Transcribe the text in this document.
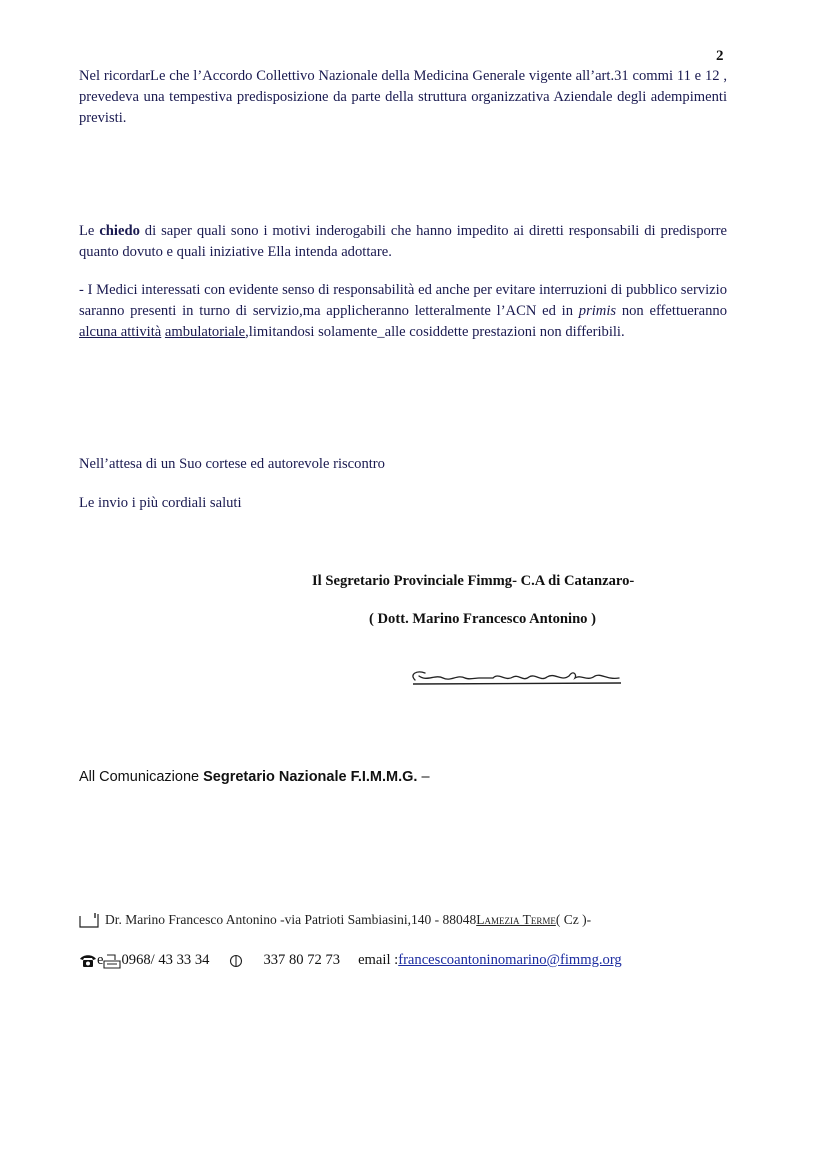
2

Nel ricordarLe che l’Accordo Collettivo Nazionale della Medicina Generale vigente all’art.31 commi 11 e 12 , prevedeva una tempestiva predisposizione da parte della struttura organizzativa Aziendale degli adempimenti previsti.

Le chiedo di saper quali sono i motivi inderogabili che hanno impedito ai diretti responsabili di predisporre quanto dovuto e quali iniziative Ella intenda adottare.

- I Medici interessati con evidente senso di responsabilità ed anche per evitare interruzioni di pubblico servizio saranno presenti in turno di servizio,ma applicheranno letteralmente l’ACN ed in primis non effettueranno alcuna attività ambulatoriale,limitandosi solamente_alle cosiddette prestazioni non differibili.

Nell’attesa di un Suo cortese ed autorevole riscontro
Le invio i più cordiali saluti
Il Segretario Provinciale Fimmg- C.A di Catanzaro-
( Dott. Marino Francesco Antonino )
All Comunicazione Segretario Nazionale F.I.M.M.G. –
Dr. Marino Francesco Antonino -via Patrioti Sambiasini,140 - 88048 Lamezia Terme ( Cz )-
e 0968/ 43 33 34	337 80 72 73 email : francescoantoninomarino@fimmg.org
